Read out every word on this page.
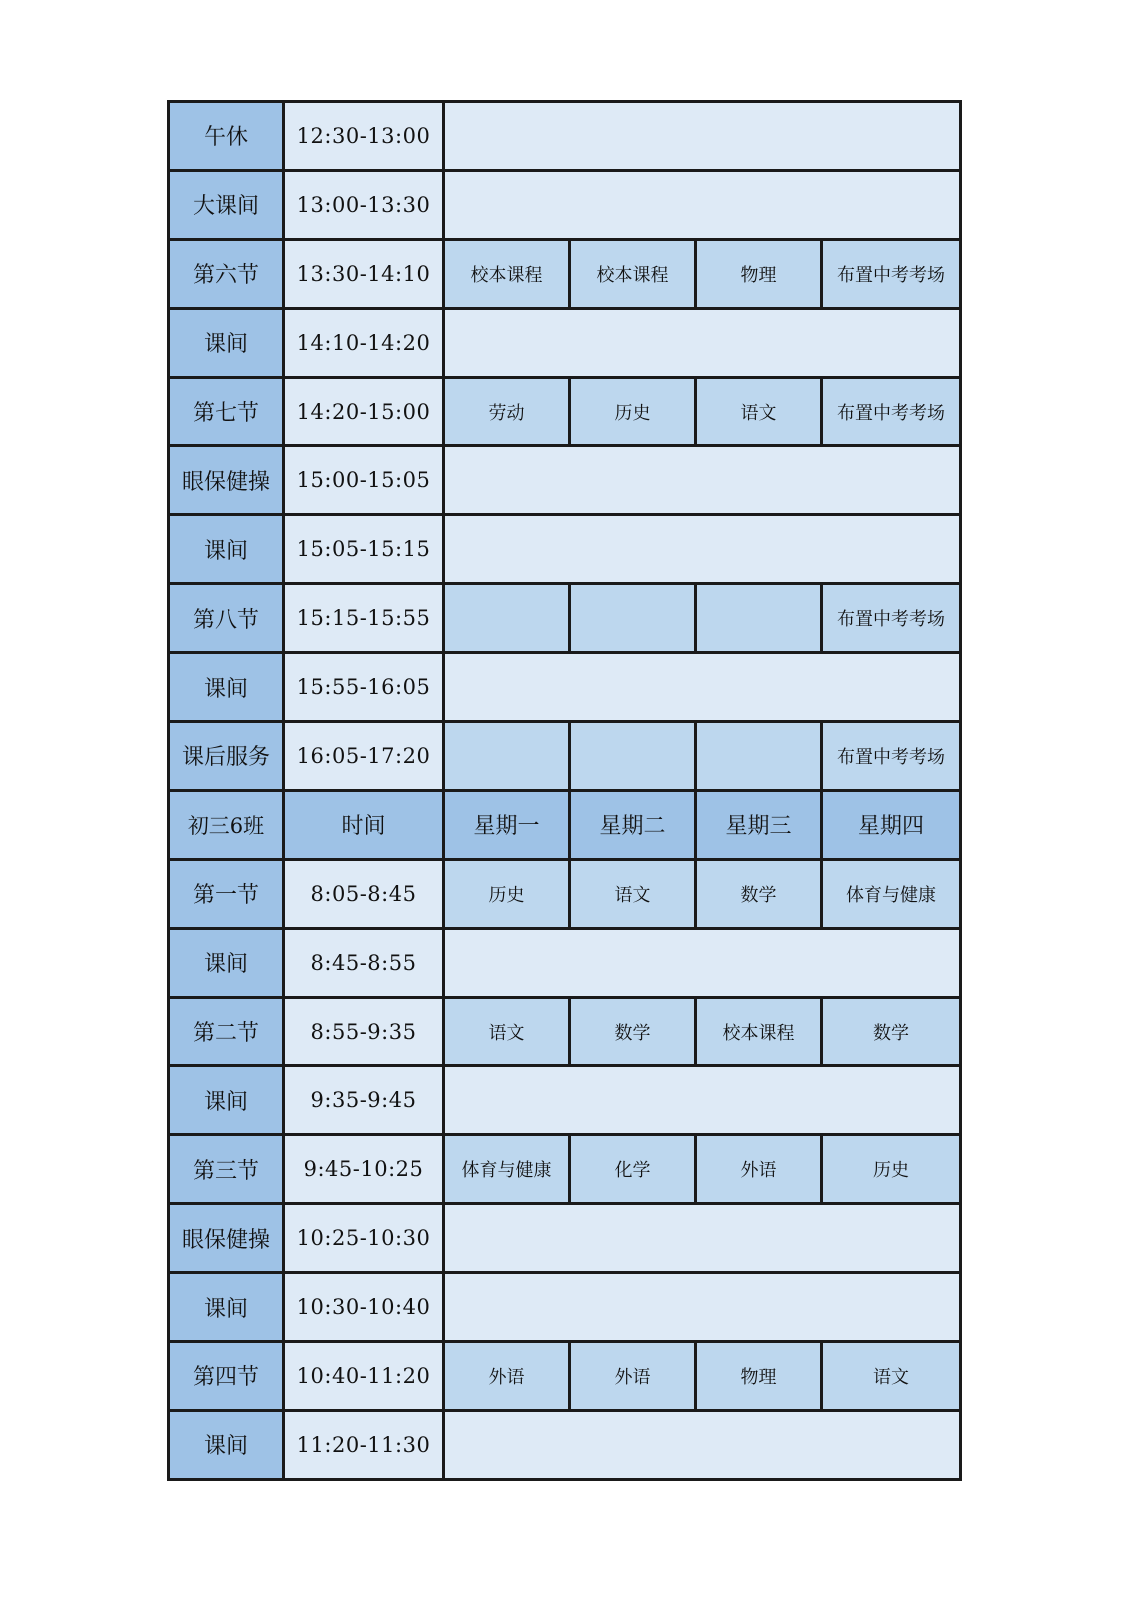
午休	12:30-13:00				
大课间	13:00-13:30				
第六节	13:30-14:10	校本课程	校本课程	物理	布置中考考场
课间	14:10-14:20				
第七节	14:20-15:00	劳动	历史	语文	布置中考考场
眼保健操	15:00-15:05				
课间	15:05-15:15				
第八节	15:15-15:55				布置中考考场
课间	15:55-16:05				
课后服务	16:05-17:20				布置中考考场
初三6班	时间	星期一	星期二	星期三	星期四
第一节	8:05-8:45	历史	语文	数学	体育与健康
课间	8:45-8:55				
第二节	8:55-9:35	语文	数学	校本课程	数学
课间	9:35-9:45				
第三节	9:45-10:25	体育与健康	化学	外语	历史
眼保健操	10:25-10:30				
课间	10:30-10:40				
第四节	10:40-11:20	外语	外语	物理	语文
课间	11:20-11:30				
